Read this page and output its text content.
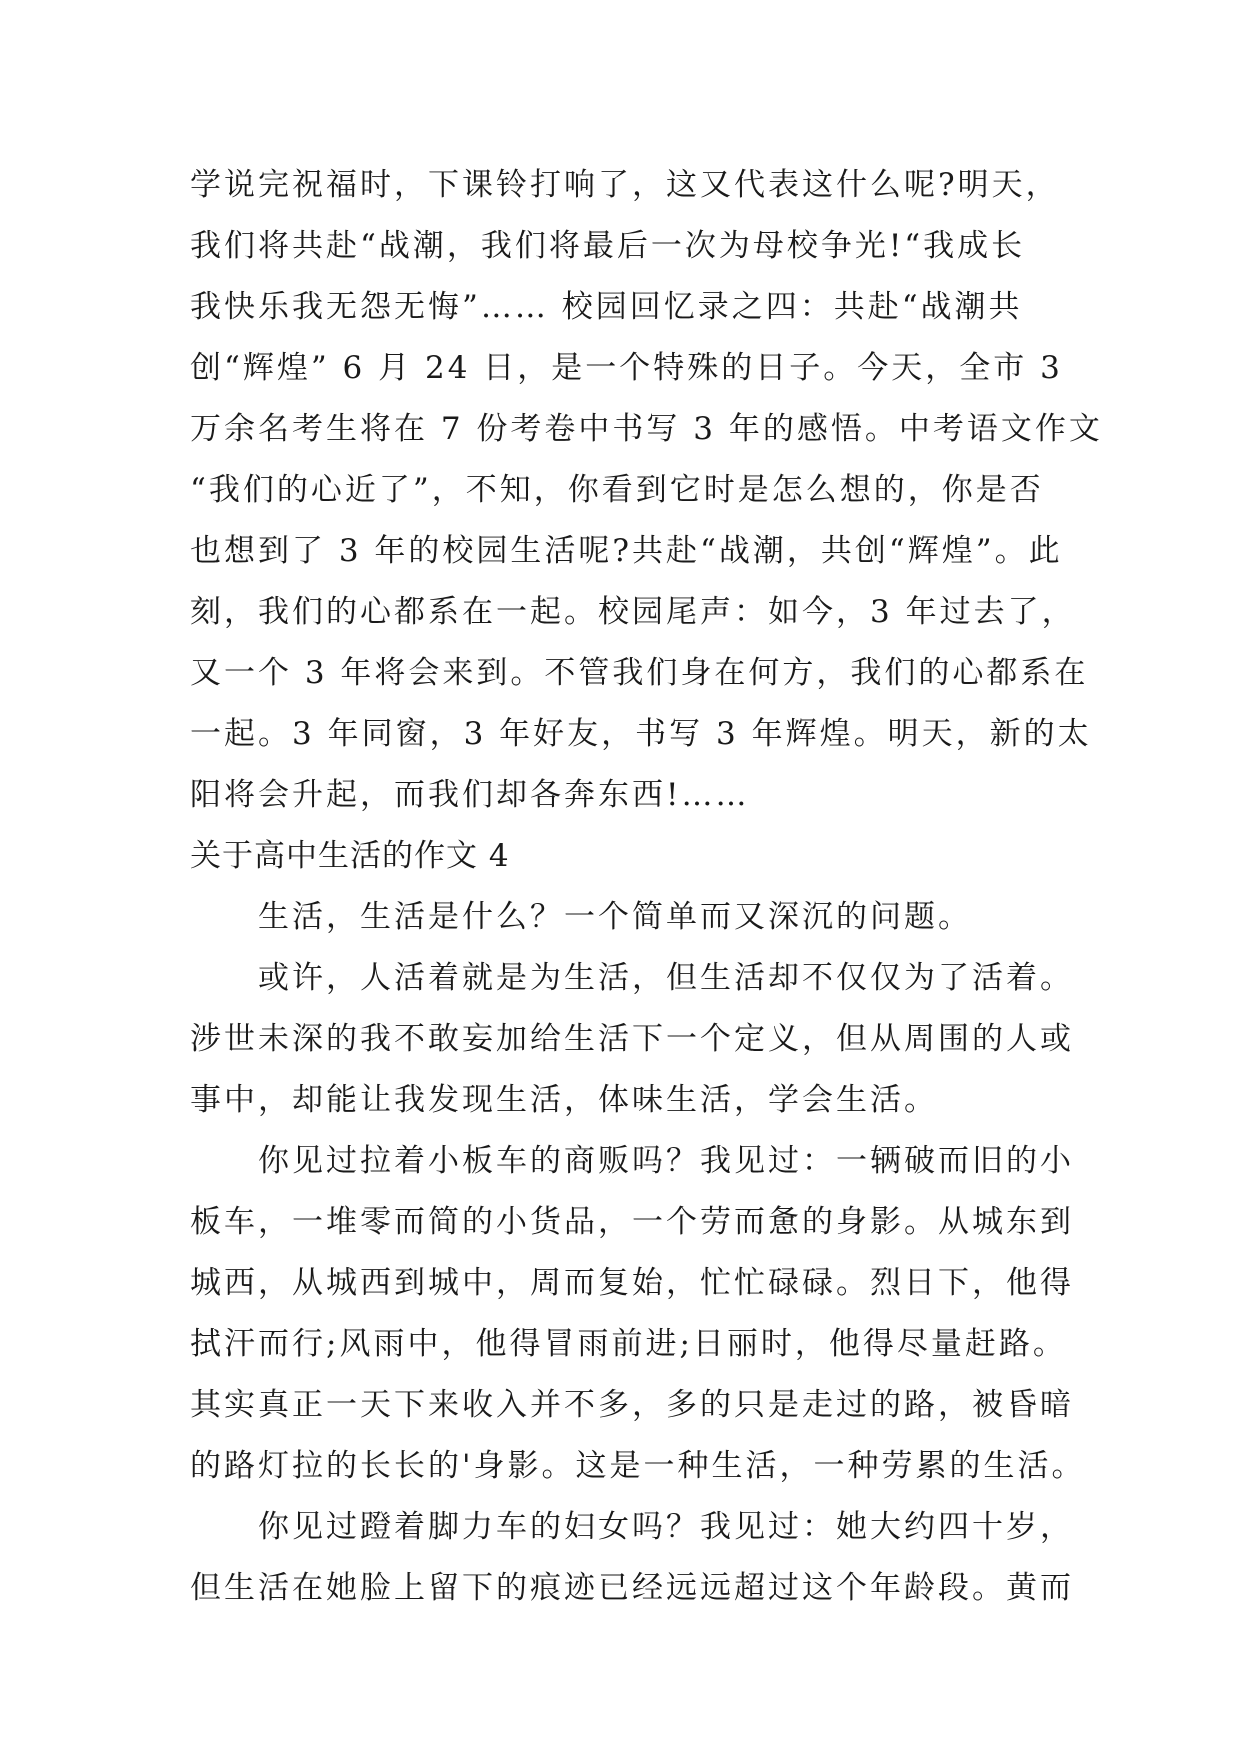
学说完祝福时，下课铃打响了，这又代表这什么呢?明天，
我们将共赴“战潮，我们将最后一次为母校争光!“我成长
我快乐我无怨无悔”…… 校园回忆录之四：共赴“战潮共
创“辉煌” 6 月 24 日，是一个特殊的日子。今天，全市 3
万余名考生将在 7 份考卷中书写 3 年的感悟。中考语文作文
“我们的心近了”，不知，你看到它时是怎么想的，你是否
也想到了 3 年的校园生活呢?共赴“战潮，共创“辉煌”。此
刻，我们的心都系在一起。校园尾声：如今，3 年过去了，
又一个 3 年将会来到。不管我们身在何方，我们的心都系在
一起。3 年同窗，3 年好友，书写 3 年辉煌。明天，新的太
阳将会升起，而我们却各奔东西!……
关于高中生活的作文 4
生活，生活是什么？一个简单而又深沉的问题。
或许，人活着就是为生活，但生活却不仅仅为了活着。
涉世未深的我不敢妄加给生活下一个定义，但从周围的人或
事中，却能让我发现生活，体味生活，学会生活。
你见过拉着小板车的商贩吗？我见过：一辆破而旧的小
板车，一堆零而简的小货品，一个劳而惫的身影。从城东到
城西，从城西到城中，周而复始，忙忙碌碌。烈日下，他得
拭汗而行;风雨中，他得冒雨前进;日丽时，他得尽量赶路。
其实真正一天下来收入并不多，多的只是走过的路，被昏暗
的路灯拉的长长的'身影。这是一种生活，一种劳累的生活。
你见过蹬着脚力车的妇女吗？我见过：她大约四十岁，
但生活在她脸上留下的痕迹已经远远超过这个年龄段。黄而
